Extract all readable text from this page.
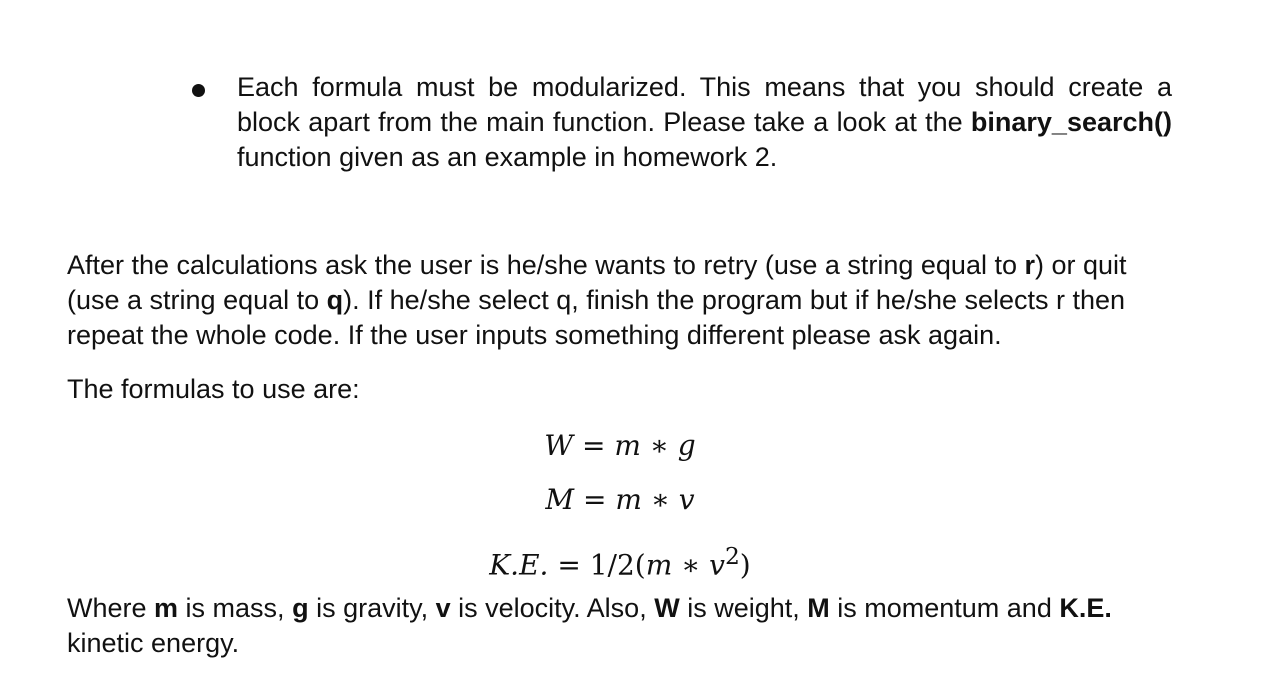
Each formula must be modularized. This means that you should create a block apart from the main function. Please take a look at the binary_search() function given as an example in homework 2.
After the calculations ask the user is he/she wants to retry (use a string equal to r) or quit (use a string equal to q). If he/she select q, finish the program but if he/she selects r then repeat the whole code. If the user inputs something different please ask again.
The formulas to use are:
W = m ∗ g
M = m ∗ v
K.E. = 1/2(m ∗ $v^2$)
Where m is mass, g is gravity, v is velocity. Also, W is weight, M is momentum and K.E. kinetic energy.
